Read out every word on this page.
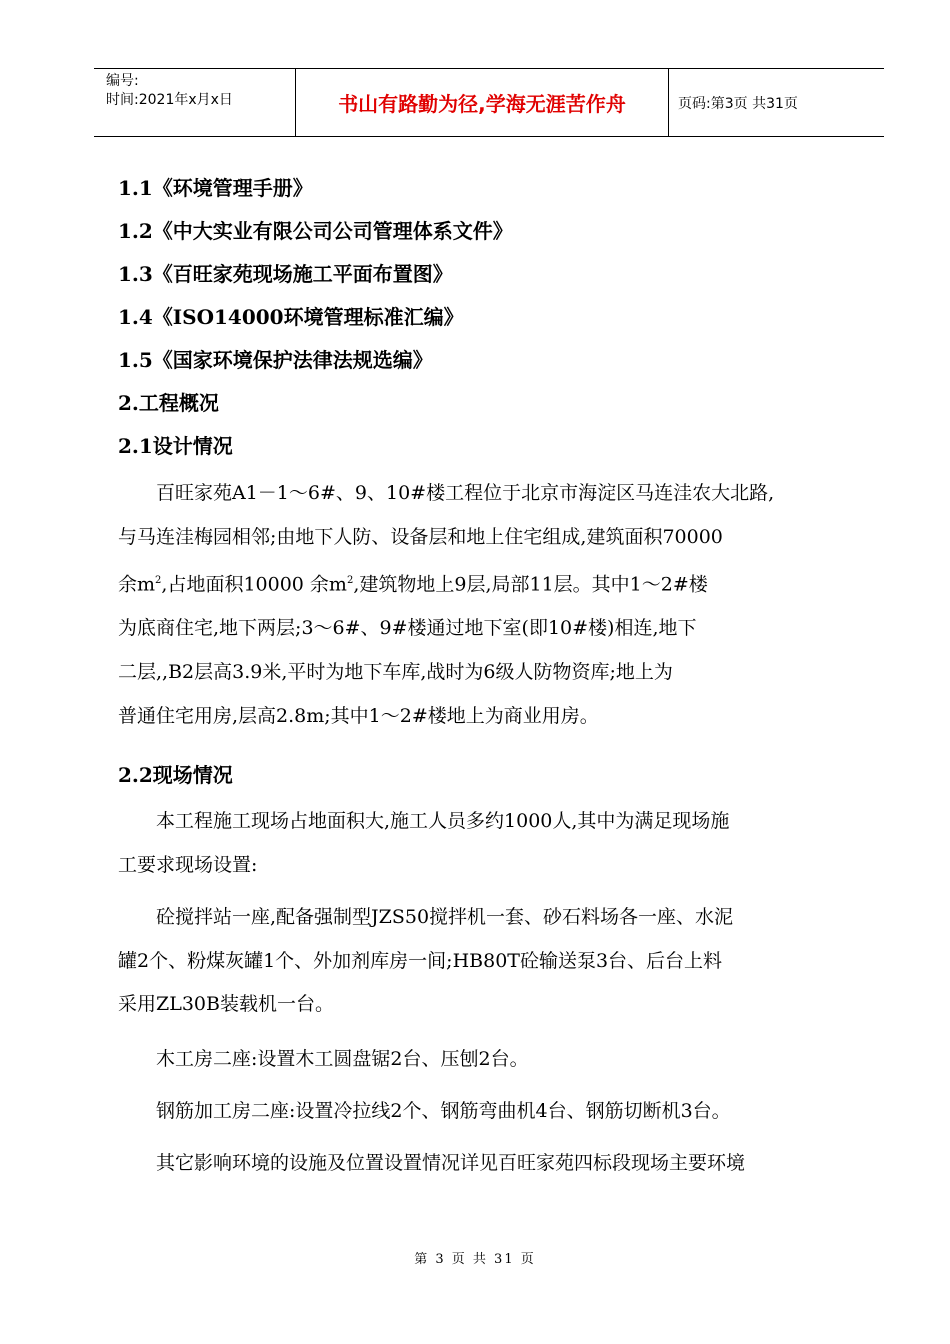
编号:
时间:2021年x月x日	书山有路勤为径,学海无涯苦作舟	页码:第3页 共31页
1.1《环境管理手册》
1.2《中大实业有限公司公司管理体系文件》
1.3《百旺家苑现场施工平面布置图》
1.4《ISO14000环境管理标准汇编》
1.5《国家环境保护法律法规选编》
2.工程概况
2.1设计情况
百旺家苑A1－1～6#、9、10#楼工程位于北京市海淀区马连洼农大北路,
与马连洼梅园相邻;由地下人防、设备层和地上住宅组成,建筑面积70000
余$m^2$,占地面积10000 余$m^2$,建筑物地上9层,局部11层。其中1～2#楼
为底商住宅,地下两层;3～6#、9#楼通过地下室(即10#楼)相连,地下
二层,,B2层高3.9米,平时为地下车库,战时为6级人防物资库;地上为
普通住宅用房,层高2.8m;其中1～2#楼地上为商业用房。
2.2现场情况
本工程施工现场占地面积大,施工人员多约1000人,其中为满足现场施
工要求现场设置:
砼搅拌站一座,配备强制型JZS50搅拌机一套、砂石料场各一座、水泥
罐2个、粉煤灰罐1个、外加剂库房一间;HB80T砼输送泵3台、后台上料
采用ZL30B装载机一台。
木工房二座:设置木工圆盘锯2台、压刨2台。
钢筋加工房二座:设置冷拉线2个、钢筋弯曲机4台、钢筋切断机3台。
其它影响环境的设施及位置设置情况详见百旺家苑四标段现场主要环境
第 3 页 共 31 页
